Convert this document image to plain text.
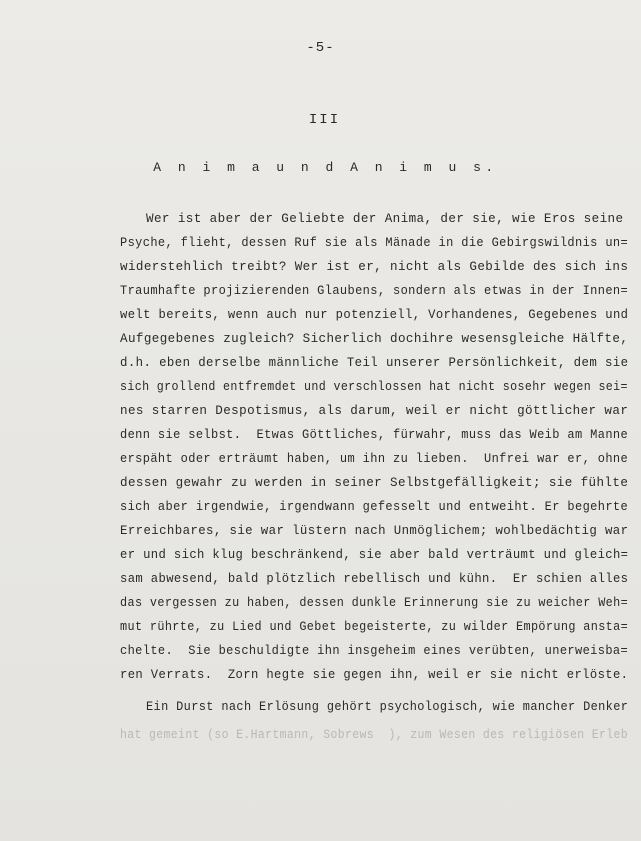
-5-
III
A n i m a u n d A n i m u s.
Wer ist aber der Geliebte der Anima, der sie, wie Eros seine
Psyche, flieht, dessen Ruf sie als Mänade in die Gebirgswildnis un=
widerstehlich treibt? Wer ist er, nicht als Gebilde des sich ins
Traumhafte projizierenden Glaubens, sondern als etwas in der Innen=
welt bereits, wenn auch nur potenziell, Vorhandenes, Gegebenes und
Aufgegebenes zugleich? Sicherlich dochihre wesensgleiche Hälfte,
d.h. eben derselbe männliche Teil unserer Persönlichkeit, dem sie
sich grollend entfremdet und verschlossen hat nicht sosehr wegen sei=
nes starren Despotismus, als darum, weil er nicht göttlicher war
denn sie selbst.  Etwas Göttliches, fürwahr, muss das Weib am Manne
erspäht oder erträumt haben, um ihn zu lieben.  Unfrei war er, ohne
dessen gewahr zu werden in seiner Selbstgefälligkeit; sie fühlte
sich aber irgendwie, irgendwann gefesselt und entweiht. Er begehrte
Erreichbares, sie war lüstern nach Unmöglichem; wohlbedächtig war
er und sich klug beschränkend, sie aber bald verträumt und gleich=
sam abwesend, bald plötzlich rebellisch und kühn.  Er schien alles
das vergessen zu haben, dessen dunkle Erinnerung sie zu weicher Weh=
mut rührte, zu Lied und Gebet begeisterte, zu wilder Empörung ansta=
chelte.  Sie beschuldigte ihn insgeheim eines verübten, unerweisba=
ren Verrats.  Zorn hegte sie gegen ihn, weil er sie nicht erlöste.
Ein Durst nach Erlösung gehört psychologisch, wie mancher Denker
hat gemeint (so E.Hartmann, Sobrews  ), zum Wesen des religiösen Erleb
